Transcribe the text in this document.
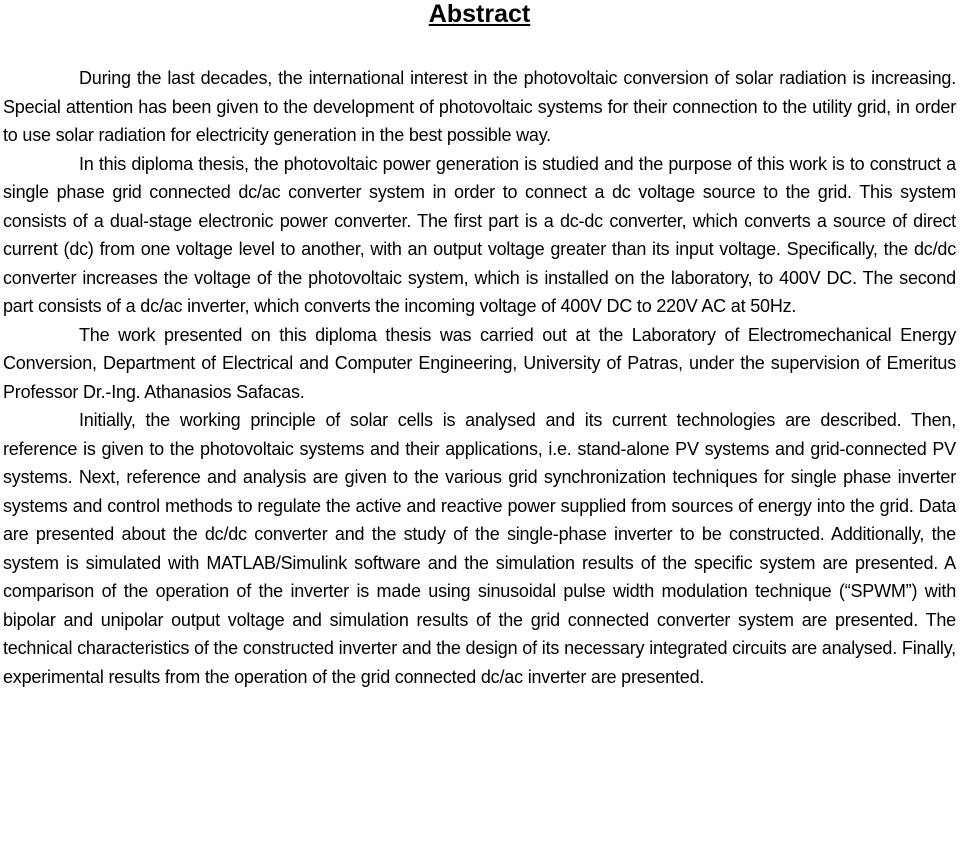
Abstract

During the last decades, the international interest in the photovoltaic conversion of solar radiation is increasing. Special attention has been given to the development of photovoltaic systems for their connection to the utility grid, in order to use solar radiation for electricity generation in the best possible way.

In this diploma thesis, the photovoltaic power generation is studied and the purpose of this work is to construct a single phase grid connected dc/ac converter system in order to connect a dc voltage source to the grid. This system consists of a dual-stage electronic power converter. The first part is a dc-dc converter, which converts a source of direct current (dc) from one voltage level to another, with an output voltage greater than its input voltage. Specifically, the dc/dc converter increases the voltage of the photovoltaic system, which is installed on the laboratory, to 400V DC. The second part consists of a dc/ac inverter, which converts the incoming voltage of 400V DC to 220V AC at 50Hz.

The work presented on this diploma thesis was carried out at the Laboratory of Electromechanical Energy Conversion, Department of Electrical and Computer Engineering, University of Patras, under the supervision of Emeritus Professor Dr.-Ing. Athanasios Safacas.

Initially, the working principle of solar cells is analysed and its current technologies are described. Then, reference is given to the photovoltaic systems and their applications, i.e. stand-alone PV systems and grid-connected PV systems. Next, reference and analysis are given to the various grid synchronization techniques for single phase inverter systems and control methods to regulate the active and reactive power supplied from sources of energy into the grid. Data are presented about the dc/dc converter and the study of the single-phase inverter to be constructed. Additionally, the system is simulated with MATLAB/Simulink software and the simulation results of the specific system are presented. A comparison of the operation of the inverter is made using sinusoidal pulse width modulation technique (“SPWM”) with bipolar and unipolar output voltage and simulation results of the grid connected converter system are presented. The technical characteristics of the constructed inverter and the design of its necessary integrated circuits are analysed. Finally, experimental results from the operation of the grid connected dc/ac inverter are presented.
